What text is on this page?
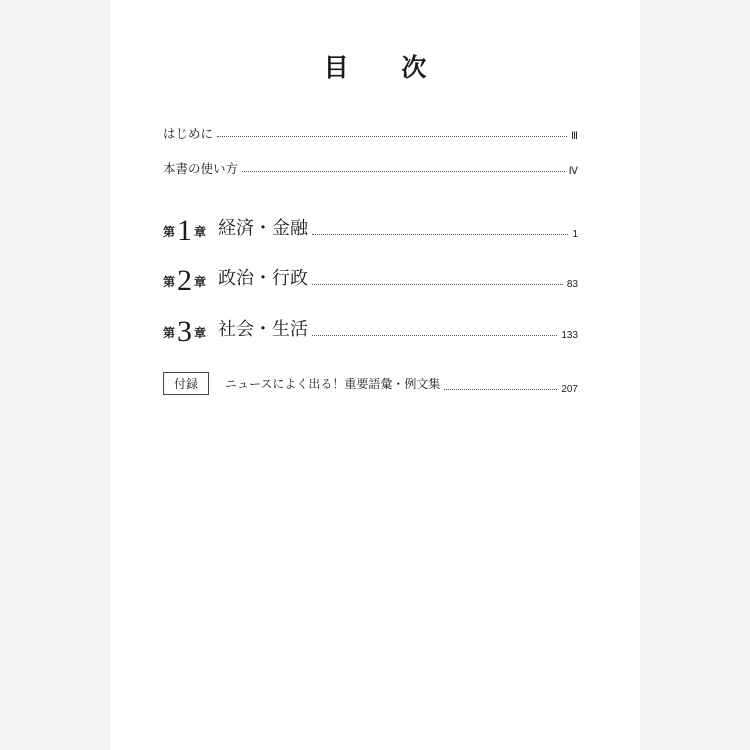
目 次
はじめに	Ⅲ
本書の使い方	Ⅳ
第 1 章 経済・金融	1
第 2 章 政治・行政	83
第 3 章 社会・生活	133
付録	ニュースによく出る！重要語彙・例文集	207
